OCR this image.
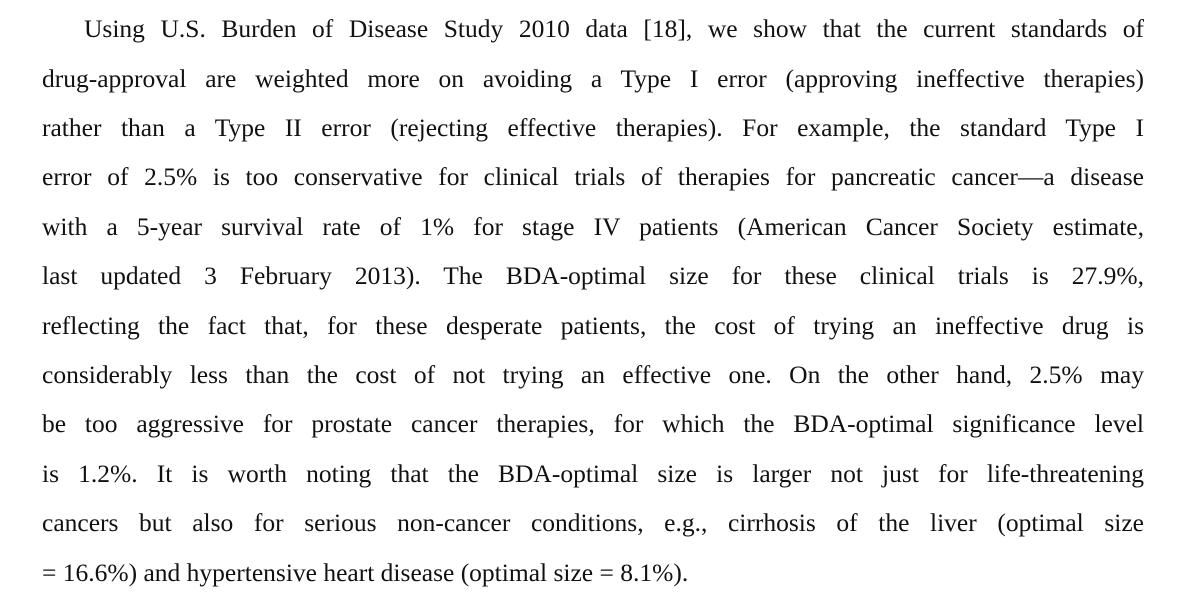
Using U.S. Burden of Disease Study 2010 data [18], we show that the current standards of
drug-approval are weighted more on avoiding a Type I error (approving ineffective therapies)
rather than a Type II error (rejecting effective therapies). For example, the standard Type I
error of 2.5% is too conservative for clinical trials of therapies for pancreatic cancer—a disease
with a 5-year survival rate of 1% for stage IV patients (American Cancer Society estimate,
last updated 3 February 2013). The BDA-optimal size for these clinical trials is 27.9%,
reflecting the fact that, for these desperate patients, the cost of trying an ineffective drug is
considerably less than the cost of not trying an effective one. On the other hand, 2.5% may
be too aggressive for prostate cancer therapies, for which the BDA-optimal significance level
is 1.2%. It is worth noting that the BDA-optimal size is larger not just for life-threatening
cancers but also for serious non-cancer conditions, e.g., cirrhosis of the liver (optimal size
= 16.6%) and hypertensive heart disease (optimal size = 8.1%).
